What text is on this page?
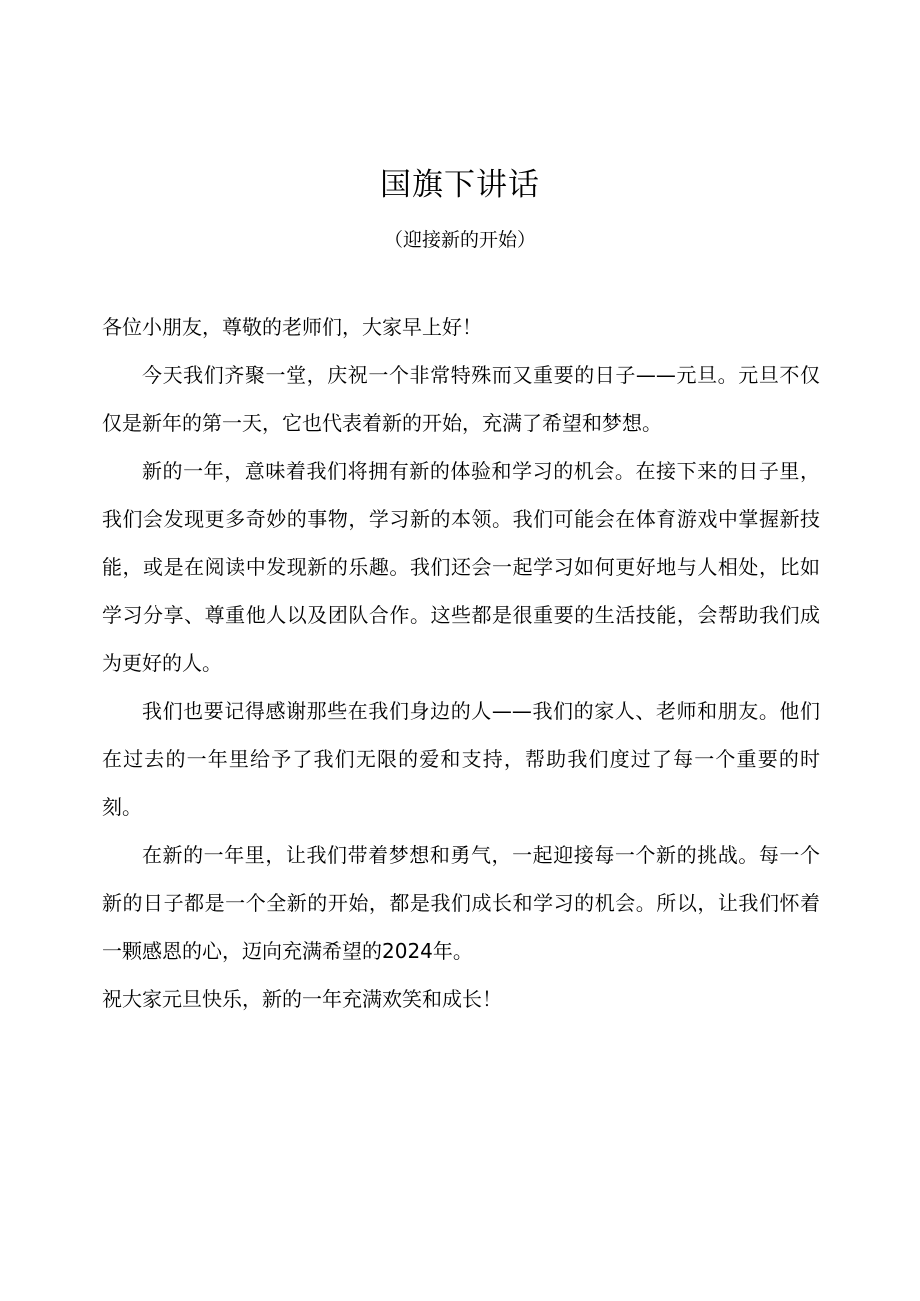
国旗下讲话
（迎接新的开始）

各位小朋友，尊敬的老师们，大家早上好！

今天我们齐聚一堂，庆祝一个非常特殊而又重要的日子——元旦。元旦不仅仅是新年的第一天，它也代表着新的开始，充满了希望和梦想。

新的一年，意味着我们将拥有新的体验和学习的机会。在接下来的日子里，我们会发现更多奇妙的事物，学习新的本领。我们可能会在体育游戏中掌握新技能，或是在阅读中发现新的乐趣。我们还会一起学习如何更好地与人相处，比如学习分享、尊重他人以及团队合作。这些都是很重要的生活技能，会帮助我们成为更好的人。

我们也要记得感谢那些在我们身边的人——我们的家人、老师和朋友。他们在过去的一年里给予了我们无限的爱和支持，帮助我们度过了每一个重要的时刻。

在新的一年里，让我们带着梦想和勇气，一起迎接每一个新的挑战。每一个新的日子都是一个全新的开始，都是我们成长和学习的机会。所以，让我们怀着一颗感恩的心，迈向充满希望的2024年。

祝大家元旦快乐，新的一年充满欢笑和成长！
